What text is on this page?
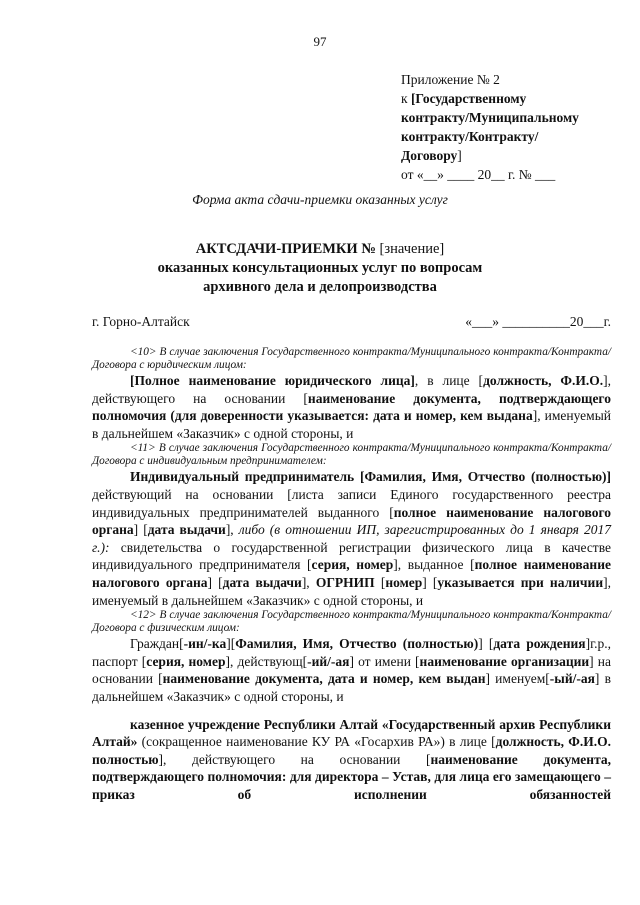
97
Приложение № 2
к [Государственному
контракту/Муниципальному
контракту/Контракту/
Договору]
от «__» ____ 20__ г. № ___
Форма акта сдачи-приемки оказанных услуг
АКТСДАЧИ-ПРИЕМКИ № [значение]
оказанных консультационных услуг по вопросам
архивного дела и делопроизводства
г. Горно-Алтайск	«___» __________20___г.

<10> В случае заключения Государственного контракта/Муниципального контракта/Контракта/Договора с юридическим лицом:

[Полное наименование юридического лица], в лице [должность, Ф.И.О.], действующего на основании [наименование документа, подтверждающего полномочия (для доверенности указывается: дата и номер, кем выдана], именуемый в дальнейшем «Заказчик» с одной стороны, и

<11> В случае заключения Государственного контракта/Муниципального контракта/Контракта/Договора с индивидуальным предпринимателем:

Индивидуальный предприниматель [Фамилия, Имя, Отчество (полностью)] действующий на основании [листа записи Единого государственного реестра индивидуальных предпринимателей выданного [полное наименование налогового органа] [дата выдачи], либо (в отношении ИП, зарегистрированных до 1 января 2017 г.): свидетельства о государственной регистрации физического лица в качестве индивидуального предпринимателя [серия, номер], выданное [полное наименование налогового органа] [дата выдачи], ОГРНИП [номер] [указывается при наличии], именуемый в дальнейшем «Заказчик» с одной стороны, и

<12> В случае заключения Государственного контракта/Муниципального контракта/Контракта/Договора с физическим лицом:

Граждан[-ин/-ка][Фамилия, Имя, Отчество (полностью)] [дата рождения]г.р., паспорт [серия, номер], действующ[-ий/-ая] от имени [наименование организации] на основании [наименование документа, дата и номер, кем выдан] именуем[-ый/-ая] в дальнейшем «Заказчик» с одной стороны, и

казенное учреждение Республики Алтай «Государственный архив Республики Алтай» (сокращенное наименование КУ РА «Госархив РА») в лице [должность, Ф.И.О. полностью], действующего на основании [наименование документа, подтверждающего полномочия: для директора – Устав, для лица его замещающего – приказ об исполнении обязанностей
